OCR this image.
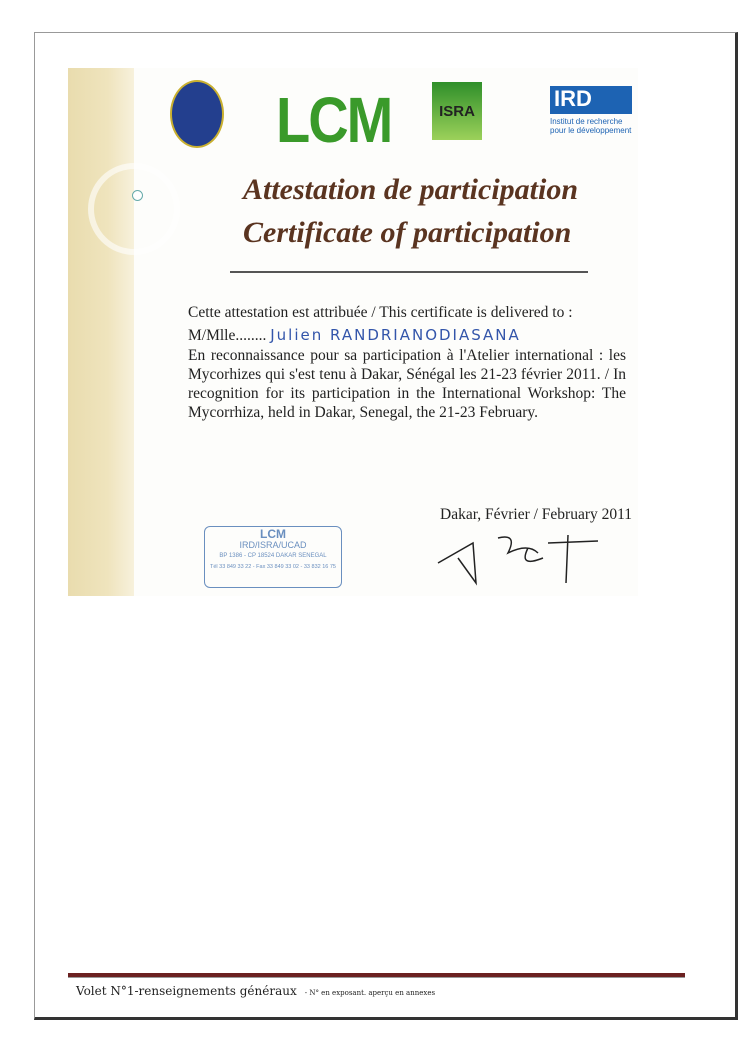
LCM	ISRA	IRD
Institut de recherche
pour le développement
Attestation de participation
Certificate of participation
Cette attestation est attribuée / This certificate is delivered to :
M/Mlle........ Julien RANDRIANODIASANA
En reconnaissance pour sa participation à l'Atelier international : les Mycorhizes qui s'est tenu à Dakar, Sénégal les 21-23 février 2011. / In recognition for its participation in the International Workshop: The Mycorrhiza, held in Dakar, Senegal, the 21-23 February.
Dakar, Février / February 2011
LCM
IRD/ISRA/UCAD
BP 1386 - CP 18524 DAKAR SENEGAL
Tél 33 849 33 22 - Fax 33 849 33 02 - 33 832 16 75
Volet N°1-renseignements généraux - N° en exposant. aperçu en annexes
